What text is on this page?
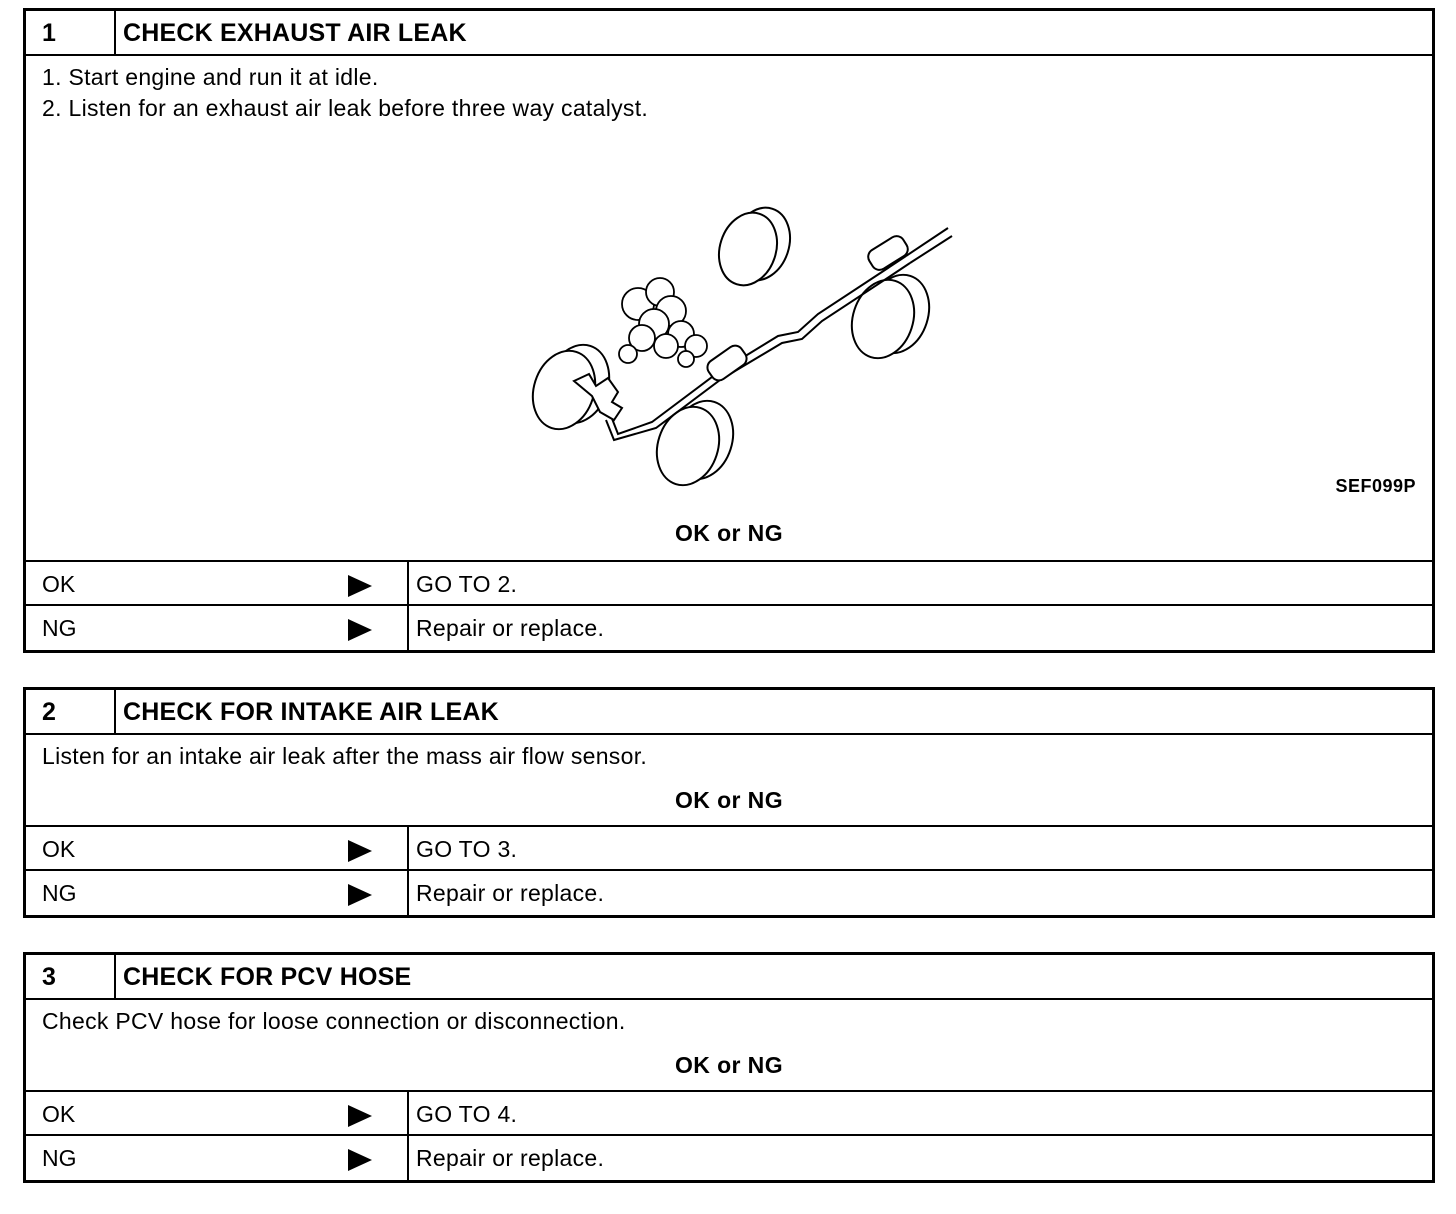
1	CHECK EXHAUST AIR LEAK
1. Start engine and run it at idle.
2. Listen for an exhaust air leak before three way catalyst.
SEF099P
OK or NG
OK	GO TO 2.
NG	Repair or replace.
2	CHECK FOR INTAKE AIR LEAK
Listen for an intake air leak after the mass air flow sensor.
OK or NG
OK	GO TO 3.
NG	Repair or replace.
3	CHECK FOR PCV HOSE
Check PCV hose for loose connection or disconnection.
OK or NG
OK	GO TO 4.
NG	Repair or replace.
